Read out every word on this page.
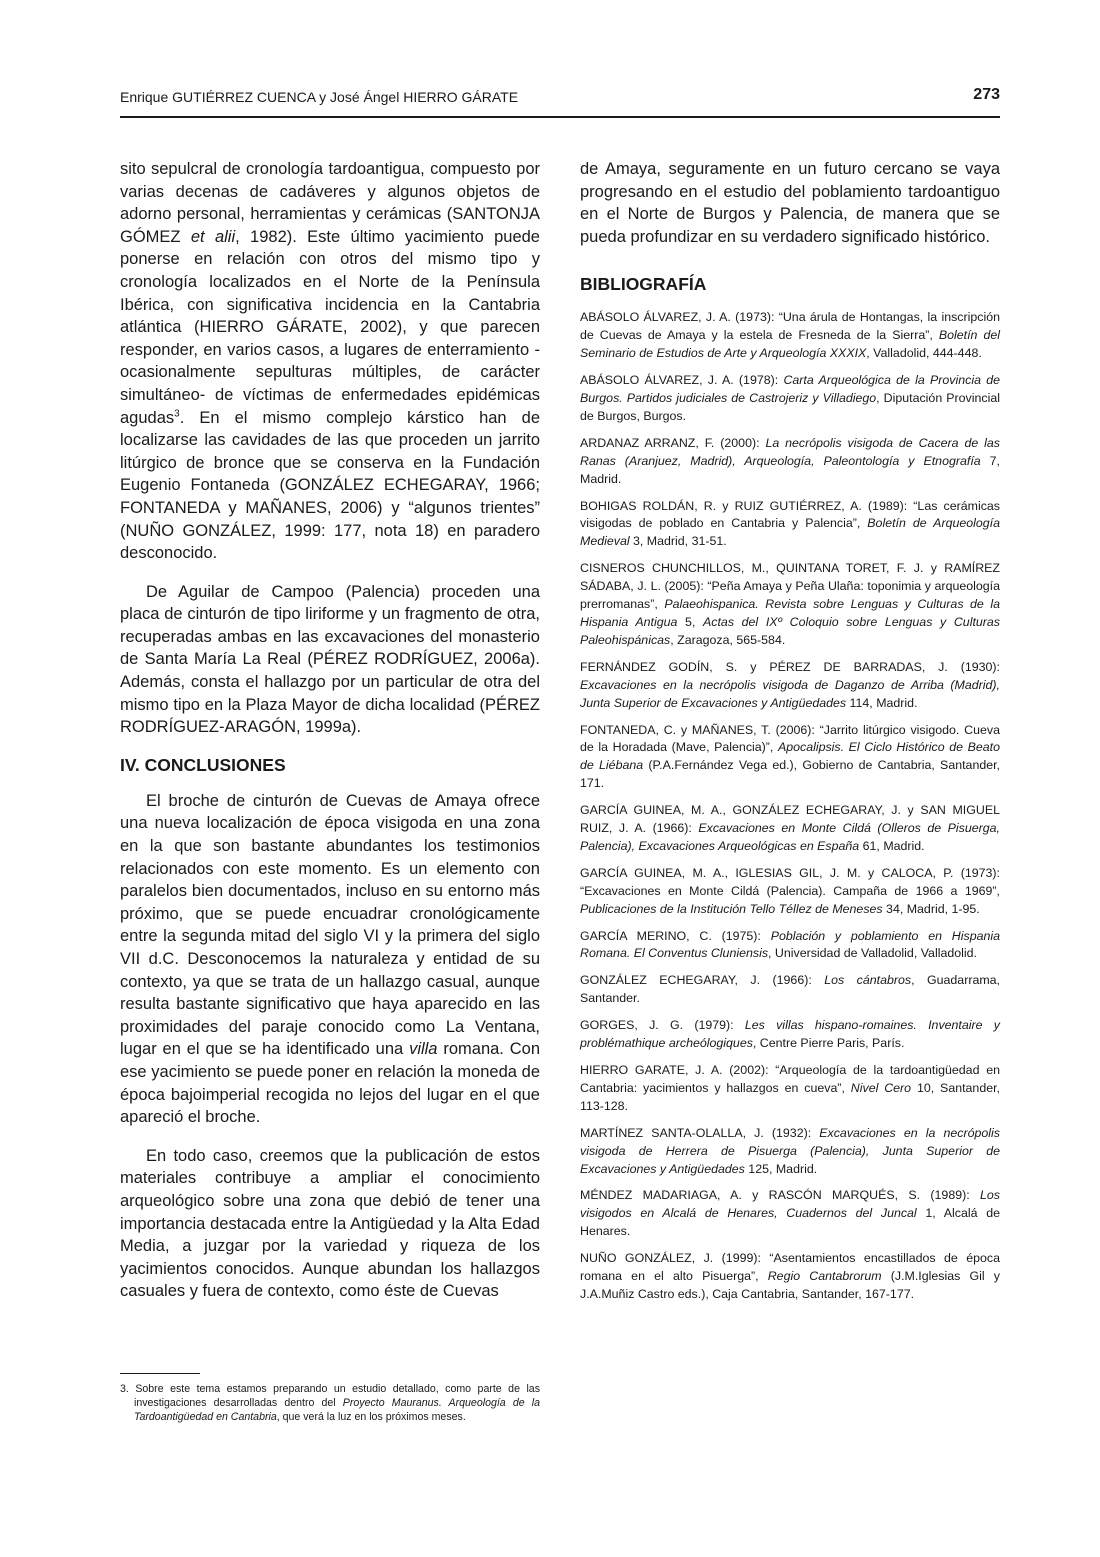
Enrique GUTIÉRREZ CUENCA y José Ángel HIERRO GÁRATE	273

sito sepulcral de cronología tardoantigua, compuesto por varias decenas de cadáveres y algunos objetos de adorno personal, herramientas y cerámicas (SANTONJA GÓMEZ et alii, 1982). Este último yacimiento puede ponerse en relación con otros del mismo tipo y cronología localizados en el Norte de la Península Ibérica, con significativa incidencia en la Cantabria atlántica (HIERRO GÁRATE, 2002), y que parecen responder, en varios casos, a lugares de enterramiento -ocasionalmente sepulturas múltiples, de carácter simultáneo- de víctimas de enfermedades epidémicas agudas$^3$. En el mismo complejo kárstico han de localizarse las cavidades de las que proceden un jarrito litúrgico de bronce que se conserva en la Fundación Eugenio Fontaneda (GONZÁLEZ ECHEGARAY, 1966; FONTANEDA y MAÑANES, 2006) y “algunos trientes” (NUÑO GONZÁLEZ, 1999: 177, nota 18) en paradero desconocido.

De Aguilar de Campoo (Palencia) proceden una placa de cinturón de tipo liriforme y un fragmento de otra, recuperadas ambas en las excavaciones del monasterio de Santa María La Real (PÉREZ RODRÍGUEZ, 2006a). Además, consta el hallazgo por un particular de otra del mismo tipo en la Plaza Mayor de dicha localidad (PÉREZ RODRÍGUEZ-ARAGÓN, 1999a).

IV. CONCLUSIONES

El broche de cinturón de Cuevas de Amaya ofrece una nueva localización de época visigoda en una zona en la que son bastante abundantes los testimonios relacionados con este momento. Es un elemento con paralelos bien documentados, incluso en su entorno más próximo, que se puede encuadrar cronológicamente entre la segunda mitad del siglo VI y la primera del siglo VII d.C. Desconocemos la naturaleza y entidad de su contexto, ya que se trata de un hallazgo casual, aunque resulta bastante significativo que haya aparecido en las proximidades del paraje conocido como La Ventana, lugar en el que se ha identificado una villa romana. Con ese yacimiento se puede poner en relación la moneda de época bajoimperial recogida no lejos del lugar en el que apareció el broche.

En todo caso, creemos que la publicación de estos materiales contribuye a ampliar el conocimiento arqueológico sobre una zona que debió de tener una importancia destacada entre la Antigüedad y la Alta Edad Media, a juzgar por la variedad y riqueza de los yacimientos conocidos. Aunque abundan los hallazgos casuales y fuera de contexto, como éste de Cuevas

3. Sobre este tema estamos preparando un estudio detallado, como parte de las investigaciones desarrolladas dentro del Proyecto Mauranus. Arqueología de la Tardoantigüedad en Cantabria, que verá la luz en los próximos meses.

de Amaya, seguramente en un futuro cercano se vaya progresando en el estudio del poblamiento tardoantiguo en el Norte de Burgos y Palencia, de manera que se pueda profundizar en su verdadero significado histórico.

BIBLIOGRAFÍA

ABÁSOLO ÁLVAREZ, J. A. (1973): “Una árula de Hontangas, la inscripción de Cuevas de Amaya y la estela de Fresneda de la Sierra”, Boletín del Seminario de Estudios de Arte y Arqueología XXXIX, Valladolid, 444-448.

ABÁSOLO ÁLVAREZ, J. A. (1978): Carta Arqueológica de la Provincia de Burgos. Partidos judiciales de Castrojeriz y Villadiego, Diputación Provincial de Burgos, Burgos.

ARDANAZ ARRANZ, F. (2000): La necrópolis visigoda de Cacera de las Ranas (Aranjuez, Madrid), Arqueología, Paleontología y Etnografía 7, Madrid.

BOHIGAS ROLDÁN, R. y RUIZ GUTIÉRREZ, A. (1989): “Las cerámicas visigodas de poblado en Cantabria y Palencia”, Boletín de Arqueología Medieval 3, Madrid, 31-51.

CISNEROS CHUNCHILLOS, M., QUINTANA TORET, F. J. y RAMÍREZ SÁDABA, J. L. (2005): “Peña Amaya y Peña Ulaña: toponimia y arqueología prerromanas”, Palaeohispanica. Revista sobre Lenguas y Culturas de la Hispania Antigua 5, Actas del IXº Coloquio sobre Lenguas y Culturas Paleohispánicas, Zaragoza, 565-584.

FERNÁNDEZ GODÍN, S. y PÉREZ DE BARRADAS, J. (1930): Excavaciones en la necrópolis visigoda de Daganzo de Arriba (Madrid), Junta Superior de Excavaciones y Antigüedades 114, Madrid.

FONTANEDA, C. y MAÑANES, T. (2006): “Jarrito litúrgico visigodo. Cueva de la Horadada (Mave, Palencia)”, Apocalipsis. El Ciclo Histórico de Beato de Liébana (P.A.Fernández Vega ed.), Gobierno de Cantabria, Santander, 171.

GARCÍA GUINEA, M. A., GONZÁLEZ ECHEGARAY, J. y SAN MIGUEL RUIZ, J. A. (1966): Excavaciones en Monte Cildá (Olleros de Pisuerga, Palencia), Excavaciones Arqueológicas en España 61, Madrid.

GARCÍA GUINEA, M. A., IGLESIAS GIL, J. M. y CALOCA, P. (1973): “Excavaciones en Monte Cildá (Palencia). Campaña de 1966 a 1969”, Publicaciones de la Institución Tello Téllez de Meneses 34, Madrid, 1-95.

GARCÍA MERINO, C. (1975): Población y poblamiento en Hispania Romana. El Conventus Cluniensis, Universidad de Valladolid, Valladolid.

GONZÁLEZ ECHEGARAY, J. (1966): Los cántabros, Guadarrama, Santander.

GORGES, J. G. (1979): Les villas hispano-romaines. Inventaire y problémathique archeólogiques, Centre Pierre Paris, París.

HIERRO GARATE, J. A. (2002): “Arqueología de la tardoantigüedad en Cantabria: yacimientos y hallazgos en cueva”, Nivel Cero 10, Santander, 113-128.

MARTÍNEZ SANTA-OLALLA, J. (1932): Excavaciones en la necrópolis visigoda de Herrera de Pisuerga (Palencia), Junta Superior de Excavaciones y Antigüedades 125, Madrid.

MÉNDEZ MADARIAGA, A. y RASCÓN MARQUÉS, S. (1989): Los visigodos en Alcalá de Henares, Cuadernos del Juncal 1, Alcalá de Henares.

NUÑO GONZÁLEZ, J. (1999): “Asentamientos encastillados de época romana en el alto Pisuerga”, Regio Cantabrorum (J.M.Iglesias Gil y J.A.Muñiz Castro eds.), Caja Cantabria, Santander, 167-177.
